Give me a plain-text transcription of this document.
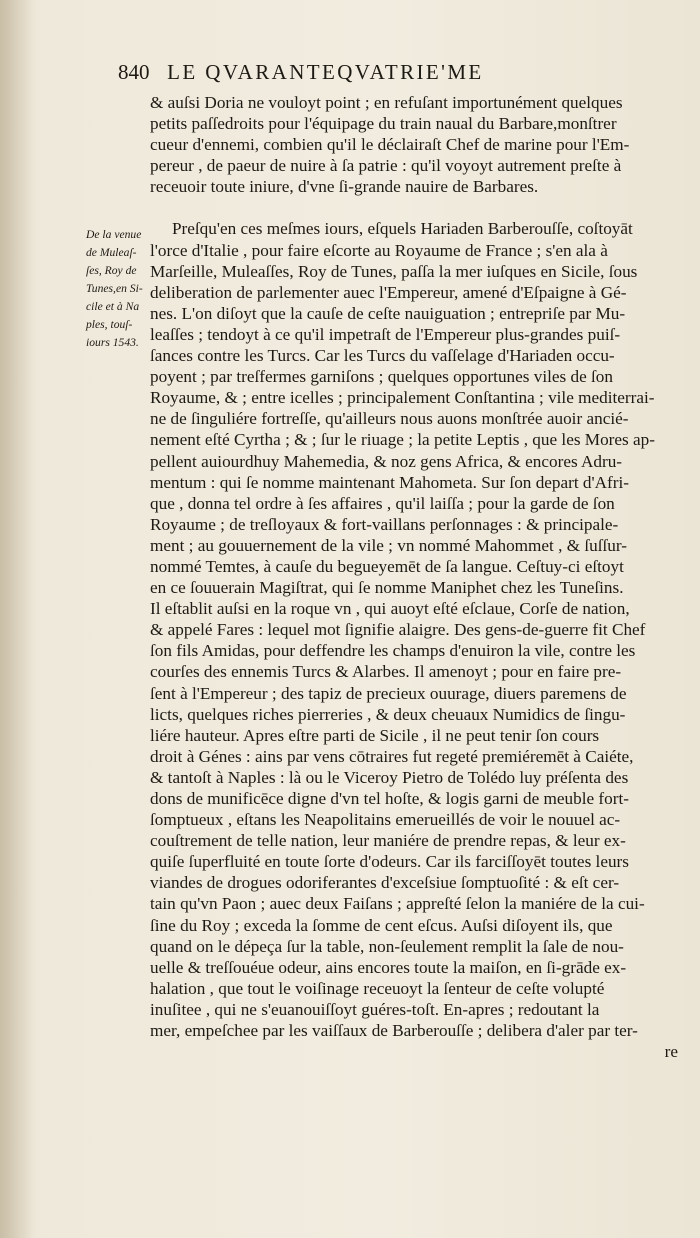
840 LE QVARANTEQVATRIE'ME
De la venue
de Muleaſ-
ſes, Roy de
Tunes,en Si-
cile et à Na
ples, touſ-
iours 1543.
& auſsi Doria ne vouloyt point ; en refuſant importunément quelques
petits paſſedroits pour l'équipage du train naual du Barbare,monſtrer
cueur d'ennemi, combien qu'il le déclairaſt Chef de marine pour l'Em-
pereur , de paeur de nuire à ſa patrie : qu'il voyoyt autrement preſte à
receuoir toute iniure, d'vne ſi-grande nauire de Barbares.
Preſqu'en ces meſmes iours, eſquels Hariaden Barberouſſe, coſtoyāt
l'orce d'Italie , pour faire eſcorte au Royaume de France ; s'en ala à
Marſeille, Muleaſſes, Roy de Tunes, paſſa la mer iuſques en Sicile, ſous
deliberation de parlementer auec l'Empereur, amené d'Eſpaigne à Gé-
nes. L'on diſoyt que la cauſe de ceſte nauiguation ; entrepriſe par Mu-
leaſſes ; tendoyt à ce qu'il impetraſt de l'Empereur plus-grandes puiſ-
ſances contre les Turcs. Car les Turcs du vaſſelage d'Hariaden occu-
poyent ; par treſfermes garniſons ; quelques opportunes viles de ſon
Royaume, & ; entre icelles ; principalement Conſtantina ; vile mediterrai-
ne de ſinguliére fortreſſe, qu'ailleurs nous auons monſtrée auoir ancié-
nement eſté Cyrtha ; & ; ſur le riuage ; la petite Leptis , que les Mores ap-
pellent auiourdhuy Mahemedia, & noz gens Africa, & encores Adru-
mentum : qui ſe nomme maintenant Mahometa. Sur ſon depart d'Afri-
que , donna tel ordre à ſes affaires , qu'il laiſſa ; pour la garde de ſon
Royaume ; de treſloyaux & fort-vaillans perſonnages : & principale-
ment ; au gouuernement de la vile ; vn nommé Mahommet , & ſuſſur-
nommé Temtes, à cauſe du begueyemēt de ſa langue. Ceſtuy-ci eſtoyt
en ce ſouuerain Magiſtrat, qui ſe nomme Maniphet chez les Tuneſins.
Il eſtablit auſsi en la roque vn , qui auoyt eſté eſclaue, Corſe de nation,
& appelé Fares : lequel mot ſignifie alaigre. Des gens-de-guerre fit Chef
ſon fils Amidas, pour deffendre les champs d'enuiron la vile, contre les
courſes des ennemis Turcs & Alarbes. Il amenoyt ; pour en faire pre-
ſent à l'Empereur ; des tapiz de precieux ouurage, diuers paremens de
licts, quelques riches pierreries , & deux cheuaux Numidics de ſingu-
liére hauteur. Apres eſtre parti de Sicile , il ne peut tenir ſon cours
droit à Génes : ains par vens cōtraires fut regeté premiéremēt à Caiéte,
& tantoſt à Naples : là ou le Viceroy Pietro de Tolédo luy préſenta des
dons de munificēce digne d'vn tel hoſte, & logis garni de meuble fort-
ſomptueux , eſtans les Neapolitains emerueillés de voir le nouuel ac-
couſtrement de telle nation, leur maniére de prendre repas, & leur ex-
quiſe ſuperfluité en toute ſorte d'odeurs. Car ils farciſſoyēt toutes leurs
viandes de drogues odoriferantes d'exceſsiue ſomptuoſité : & eſt cer-
tain qu'vn Paon ; auec deux Faiſans ; appreſté ſelon la maniére de la cui-
ſine du Roy ; exceda la ſomme de cent eſcus. Auſsi diſoyent ils, que
quand on le dépeça ſur la table, non-ſeulement remplit la ſale de nou-
uelle & treſſouéue odeur, ains encores toute la maiſon, en ſi-grāde ex-
halation , que tout le voiſinage receuoyt la ſenteur de ceſte volupté
inuſitee , qui ne s'euanouiſſoyt guéres-toſt. En-apres ; redoutant la
mer, empeſchee par les vaiſſaux de Barberouſſe ; delibera d'aler par ter-
re
